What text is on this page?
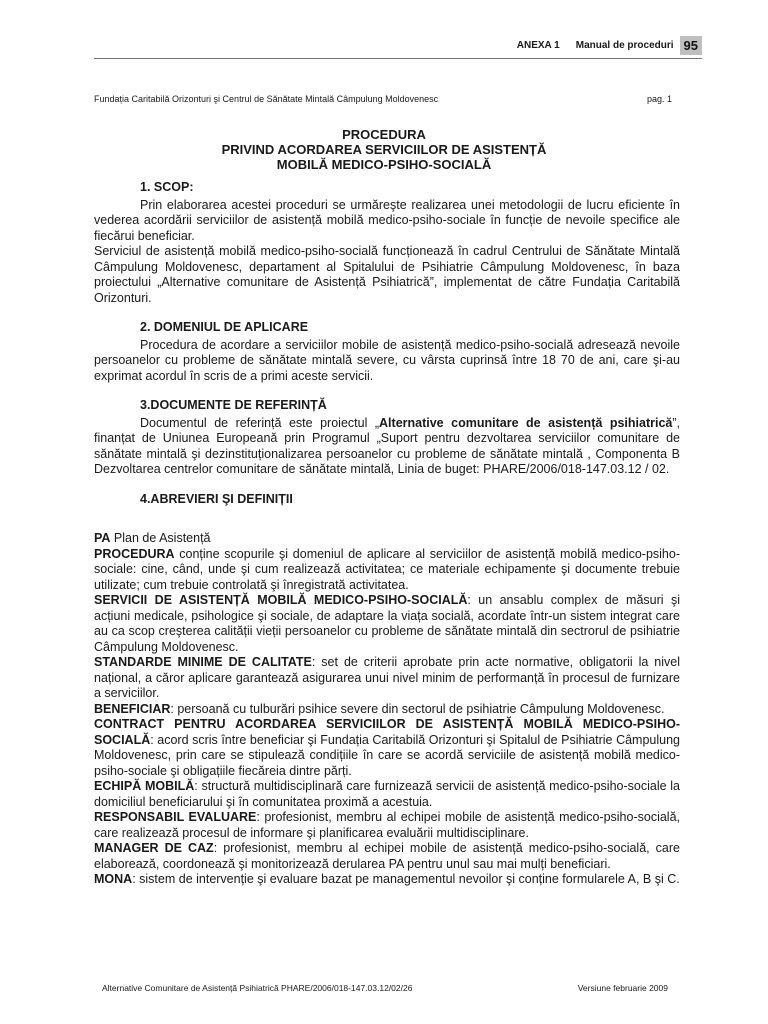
ANEXA 1 Manual de proceduri 95
Fundația Caritabilă Orizonturi şi Centrul de Sănătate Mintală Câmpulung Moldovenesc	pag. 1
PROCEDURA
PRIVIND ACORDAREA SERVICIILOR DE ASISTENȚĂ
MOBILĂ MEDICO-PSIHO-SOCIALĂ
1. SCOP:

Prin elaborarea acestei proceduri se urmăreşte realizarea unei metodologii de lucru eficiente în vederea acordării serviciilor de asistență mobilă medico-psiho-sociale în funcție de nevoile specifice ale fiecărui beneficiar.

Serviciul de asistență mobilă medico-psiho-socială funcționează în cadrul Centrului de Sănătate Mintală Câmpulung Moldovenesc, departament al Spitalului de Psihiatrie Câmpulung Moldovenesc, în baza proiectului „Alternative comunitare de Asistență Psihiatrică”, implementat de către Fundația Caritabilă Orizonturi.

2. DOMENIUL DE APLICARE

Procedura de acordare a serviciilor mobile de asistență medico-psiho-socială adresează nevoile persoanelor cu probleme de sănătate mintală severe, cu vârsta cuprinsă între 18 70 de ani, care şi-au exprimat acordul în scris de a primi aceste servicii.

3.DOCUMENTE DE REFERINȚĂ

Documentul de referință este proiectul „Alternative comunitare de asistență psihiatrică”, finanțat de Uniunea Europeană prin Programul „Suport pentru dezvoltarea serviciilor comunitare de sănătate mintală şi dezinstituționalizarea persoanelor cu probleme de sănătate mintală , Componenta B Dezvoltarea centrelor comunitare de sănătate mintală, Linia de buget: PHARE/2006/018-147.03.12 / 02.

4.ABREVIERI ŞI DEFINIȚII

PA Plan de Asistență

PROCEDURA conține scopurile şi domeniul de aplicare al serviciilor de asistență mobilă medico-psiho-sociale: cine, când, unde şi cum realizează activitatea; ce materiale echipamente şi documente trebuie utilizate; cum trebuie controlată şi înregistrată activitatea.

SERVICII DE ASISTENȚĂ MOBILĂ MEDICO-PSIHO-SOCIALĂ: un ansablu complex de măsuri şi acțiuni medicale, psihologice şi sociale, de adaptare la viața socială, acordate într-un sistem integrat care au ca scop creşterea calității vieții persoanelor cu probleme de sănătate mintală din sectrorul de psihiatrie Câmpulung Moldovenesc.

STANDARDE MINIME DE CALITATE: set de criterii aprobate prin acte normative, obligatorii la nivel național, a căror aplicare garantează asigurarea unui nivel minim de performanță în procesul de furnizare a serviciilor.

BENEFICIAR: persoană cu tulburări psihice severe din sectorul de psihiatrie Câmpulung Moldovenesc.

CONTRACT PENTRU ACORDAREA SERVICIILOR DE ASISTENȚĂ MOBILĂ MEDICO-PSIHO-SOCIALĂ: acord scris între beneficiar şi Fundația Caritabilă Orizonturi şi Spitalul de Psihiatrie Câmpulung Moldovenesc, prin care se stipulează condițiile în care se acordă serviciile de asistență mobilă medico-psiho-sociale şi obligațiile fiecăreia dintre părți.

ECHIPĂ MOBILĂ: structură multidisciplinară care furnizează servicii de asistență medico-psiho-sociale la domiciliul beneficiarului şi în comunitatea proximă a acestuia.

RESPONSABIL EVALUARE: profesionist, membru al echipei mobile de asistență medico-psiho-socială, care realizează procesul de informare şi planificarea evaluării multidisciplinare.

MANAGER DE CAZ: profesionist, membru al echipei mobile de asistență medico-psiho-socială, care elaborează, coordonează şi monitorizează derularea PA pentru unul sau mai mulți beneficiari.

MONA: sistem de intervenție şi evaluare bazat pe managementul nevoilor şi conține formularele A, B şi C.

Alternative Comunitare de Asistență Psihiatrică PHARE/2006/018-147.03.12/02/26	Versiune februarie 2009
